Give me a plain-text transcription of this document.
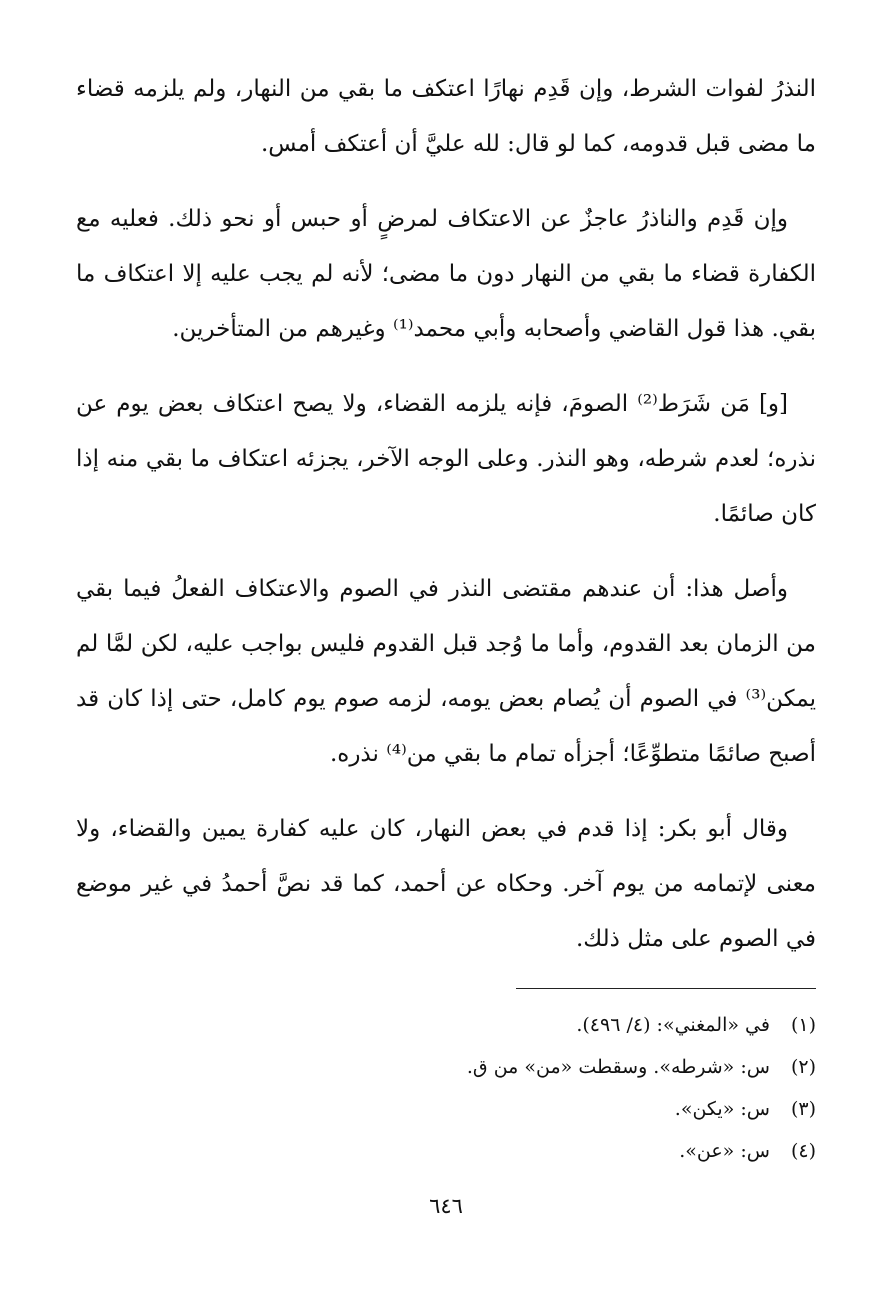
النذرُ لفوات الشرط، وإن قَدِم نهارًا اعتكف ما بقي من النهار، ولم يلزمه قضاء ما مضى قبل قدومه، كما لو قال: لله عليَّ أن أعتكف أمس.

وإن قَدِم والناذرُ عاجزٌ عن الاعتكاف لمرضٍ أو حبس أو نحو ذلك. فعليه مع الكفارة قضاء ما بقي من النهار دون ما مضى؛ لأنه لم يجب عليه إلا اعتكاف ما بقي. هذا قول القاضي وأصحابه وأبي محمد⁽¹⁾ وغيرهم من المتأخرين.

[و] مَن شَرَط⁽²⁾ الصومَ، فإنه يلزمه القضاء، ولا يصح اعتكاف بعض يوم عن نذره؛ لعدم شرطه، وهو النذر. وعلى الوجه الآخر، يجزئه اعتكاف ما بقي منه إذا كان صائمًا.

وأصل هذا: أن عندهم مقتضى النذر في الصوم والاعتكاف الفعلُ فيما بقي من الزمان بعد القدوم، وأما ما وُجد قبل القدوم فليس بواجب عليه، لكن لمَّا لم يمكن⁽³⁾ في الصوم أن يُصام بعض يومه، لزمه صوم يوم كامل، حتى إذا كان قد أصبح صائمًا متطوِّعًا؛ أجزأه تمام ما بقي من⁽⁴⁾ نذره.

وقال أبو بكر: إذا قدم في بعض النهار، كان عليه كفارة يمين والقضاء، ولا معنى لإتمامه من يوم آخر. وحكاه عن أحمد، كما قد نصَّ أحمدُ في غير موضع في الصوم على مثل ذلك.

(١) في «المغني»: (٤/ ٤٩٦).

(٢) س: «شرطه». وسقطت «من» من ق.

(٣) س: «يكن».

(٤) س: «عن».

٦٤٦
